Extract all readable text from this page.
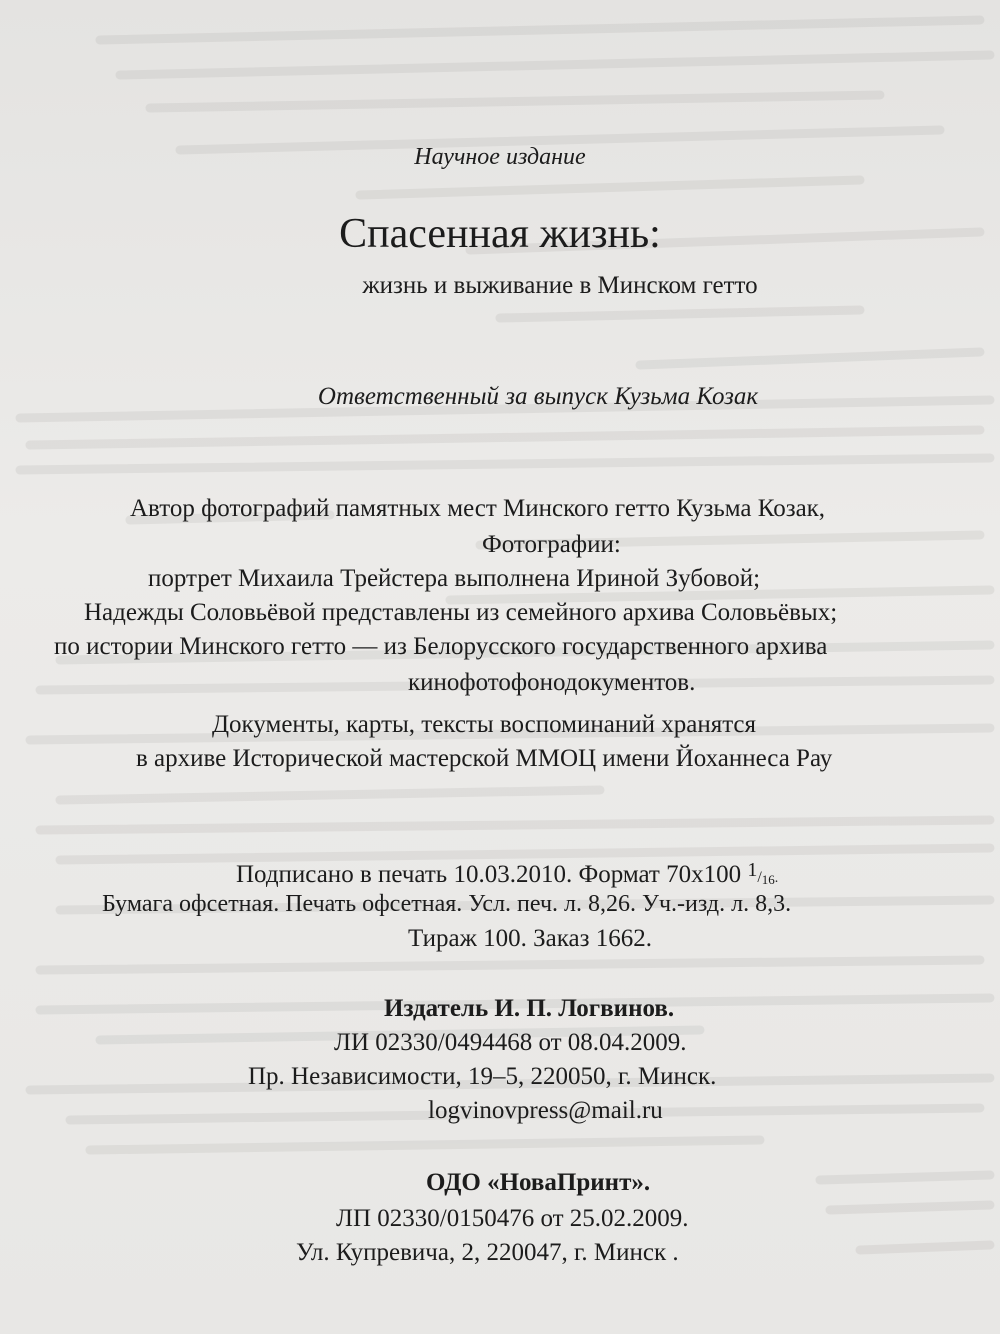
Научное издание
Спасенная жизнь:
жизнь и выживание в Минском гетто
Ответственный за выпуск Кузьма Козак
Автор фотографий памятных мест Минского гетто Кузьма Козак,
Фотографии:
портрет Михаила Трейстера выполнена Ириной Зубовой;
Надежды Соловьёвой представлены из семейного архива Соловьёвых;
по истории Минского гетто — из Белорусского государственного архива
кинофотофонодокументов.
Документы, карты, тексты воспоминаний хранятся
в архиве Исторической мастерской ММОЦ имени Йоханнеса Рау
Подписано в печать 10.03.2010. Формат 70х100 $^1$/16.
Бумага офсетная. Печать офсетная. Усл. печ. л. 8,26. Уч.-изд. л. 8,3.
Тираж 100. Заказ 1662.
Издатель И. П. Логвинов.
ЛИ 02330/0494468 от 08.04.2009.
Пр. Независимости, 19–5, 220050, г. Минск.
logvinovpress@mail.ru
ОДО «НоваПринт».
ЛП 02330/0150476 от 25.02.2009.
Ул. Купревича, 2, 220047, г. Минск .
